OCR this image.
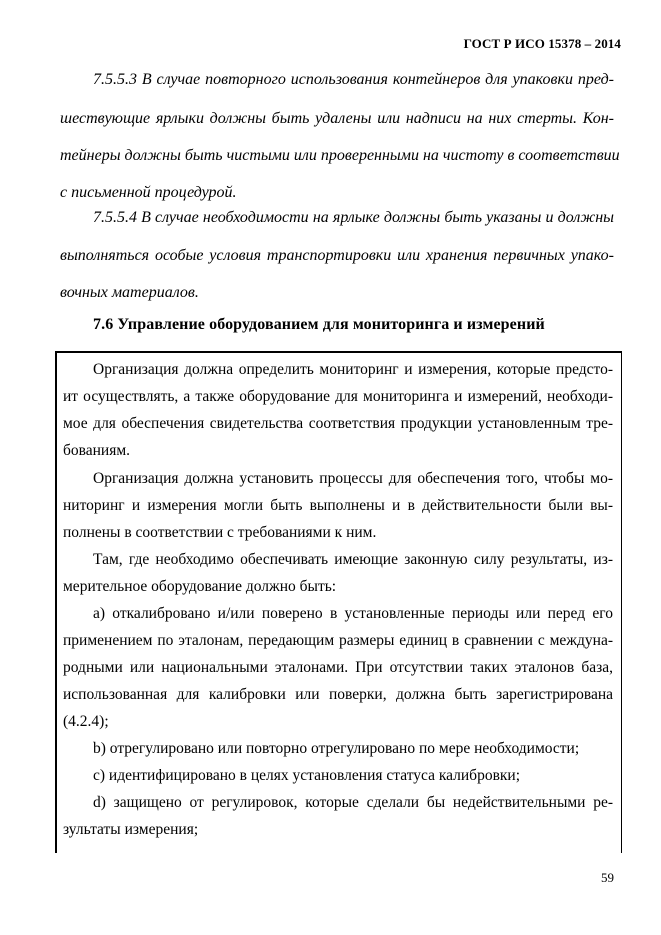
ГОСТ Р ИСО 15378 – 2014
7.5.5.3 В случае повторного использования контейнеров для упаковки пред-
шествующие ярлыки должны быть удалены или надписи на них стерты. Кон-
тейнеры должны быть чистыми или проверенными на чистоту в соответствии
с письменной процедурой.
7.5.5.4 В случае необходимости на ярлыке должны быть указаны и должны
выполняться особые условия транспортировки или хранения первичных упако-
вочных материалов.
7.6 Управление оборудованием для мониторинга и измерений
Организация должна определить мониторинг и измерения, которые предсто-
ит осуществлять, а также оборудование для мониторинга и измерений, необходи-
мое для обеспечения свидетельства соответствия продукции установленным тре-
бованиям.
Организация должна установить процессы для обеспечения того, чтобы мо-
ниторинг и измерения могли быть выполнены и в действительности были вы-
полнены в соответствии с требованиями к ним.
Там, где необходимо обеспечивать имеющие законную силу результаты, из-
мерительное оборудование должно быть:
a) откалибровано и/или поверено в установленные периоды или перед его
применением по эталонам, передающим размеры единиц в сравнении с междуна-
родными или национальными эталонами. При отсутствии таких эталонов база,
использованная для калибровки или поверки, должна быть зарегистрирована
(4.2.4);
b) отрегулировано или повторно отрегулировано по мере необходимости;
c) идентифицировано в целях установления статуса калибровки;
d) защищено от регулировок, которые сделали бы недействительными ре-
зультаты измерения;
59
